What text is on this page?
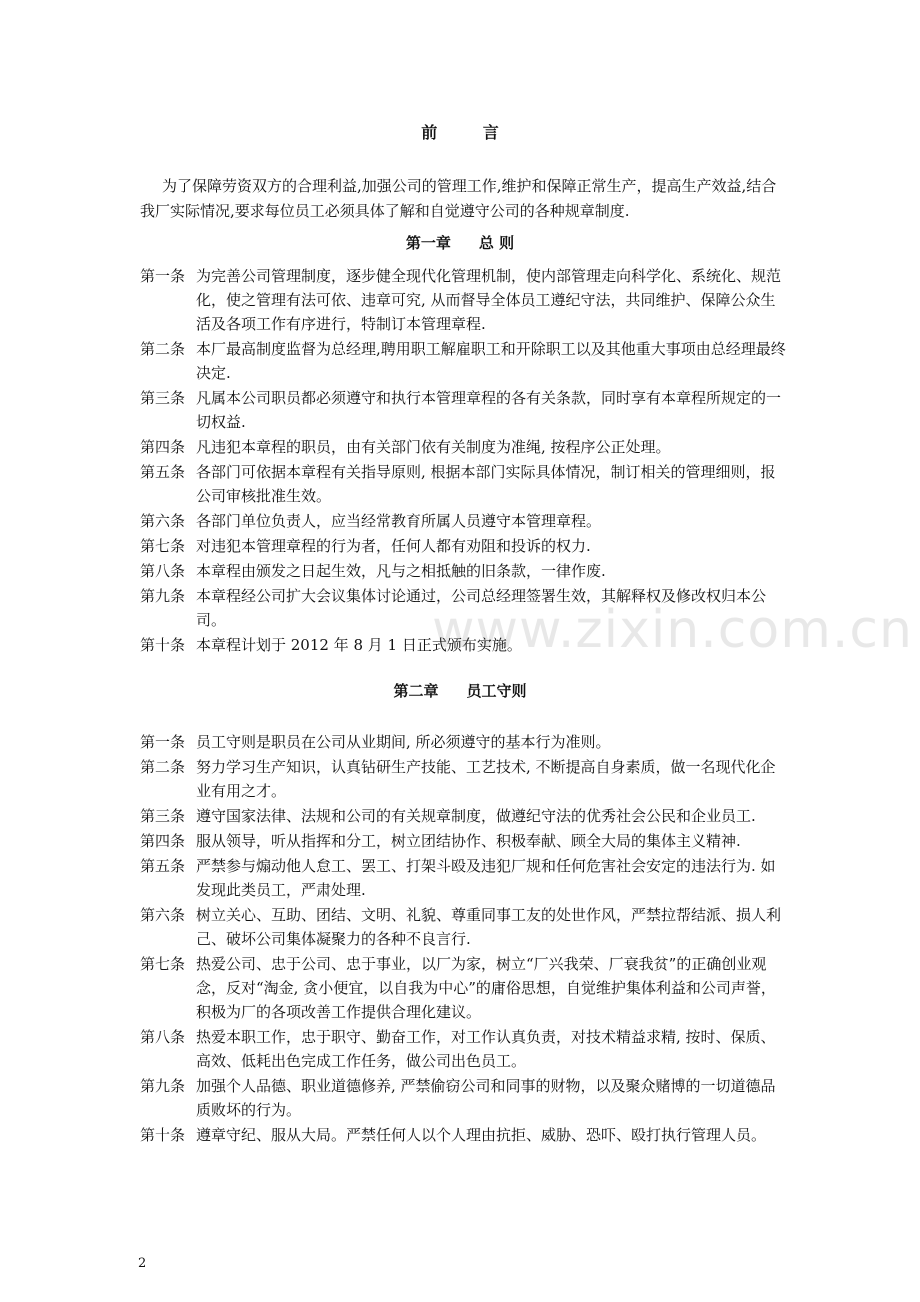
www.zixin.com.cn
前 言

为了保障劳资双方的合理利益,加强公司的管理工作,维护和保障正常生产，提高生产效益,结合我厂实际情况,要求每位员工必须具体了解和自觉遵守公司的各种规章制度.

第一章 总 则
第一条 为完善公司管理制度，逐步健全现代化管理机制，使内部管理走向科学化、系统化、规范化，使之管理有法可依、违章可究, 从而督导全体员工遵纪守法，共同维护、保障公众生活及各项工作有序进行，特制订本管理章程.
第二条 本厂最高制度监督为总经理,聘用职工解雇职工和开除职工以及其他重大事项由总经理最终决定.
第三条 凡属本公司职员都必须遵守和执行本管理章程的各有关条款，同时享有本章程所规定的一切权益.
第四条 凡违犯本章程的职员，由有关部门依有关制度为准绳, 按程序公正处理。
第五条 各部门可依据本章程有关指导原则, 根据本部门实际具体情况，制订相关的管理细则，报公司审核批准生效。
第六条 各部门单位负责人，应当经常教育所属人员遵守本管理章程。
第七条 对违犯本管理章程的行为者，任何人都有劝阻和投诉的权力.
第八条 本章程由颁发之日起生效，凡与之相抵触的旧条款，一律作废.
第九条 本章程经公司扩大会议集体讨论通过，公司总经理签署生效，其解释权及修改权归本公司。
第十条 本章程计划于 2012 年 8 月 1 日正式颁布实施。
第二章 员工守则
第一条 员工守则是职员在公司从业期间, 所必须遵守的基本行为准则。
第二条 努力学习生产知识，认真钻研生产技能、工艺技术, 不断提高自身素质，做一名现代化企业有用之才。
第三条 遵守国家法律、法规和公司的有关规章制度，做遵纪守法的优秀社会公民和企业员工.
第四条 服从领导，听从指挥和分工，树立团结协作、积极奉献、顾全大局的集体主义精神.
第五条 严禁参与煽动他人怠工、罢工、打架斗殴及违犯厂规和任何危害社会安定的违法行为. 如发现此类员工，严肃处理.
第六条 树立关心、互助、团结、文明、礼貌、尊重同事工友的处世作风，严禁拉帮结派、损人利己、破坏公司集体凝聚力的各种不良言行.
第七条 热爱公司、忠于公司、忠于事业，以厂为家，树立“厂兴我荣、厂衰我贫”的正确创业观念，反对“淘金, 贪小便宜，以自我为中心”的庸俗思想，自觉维护集体利益和公司声誉，积极为厂的各项改善工作提供合理化建议。
第八条 热爱本职工作，忠于职守、勤奋工作，对工作认真负责，对技术精益求精, 按时、保质、高效、低耗出色完成工作任务，做公司出色员工。
第九条 加强个人品德、职业道德修养, 严禁偷窃公司和同事的财物，以及聚众赌博的一切道德品质败坏的行为。
第十条 遵章守纪、服从大局。严禁任何人以个人理由抗拒、威胁、恐吓、殴打执行管理人员。
2
